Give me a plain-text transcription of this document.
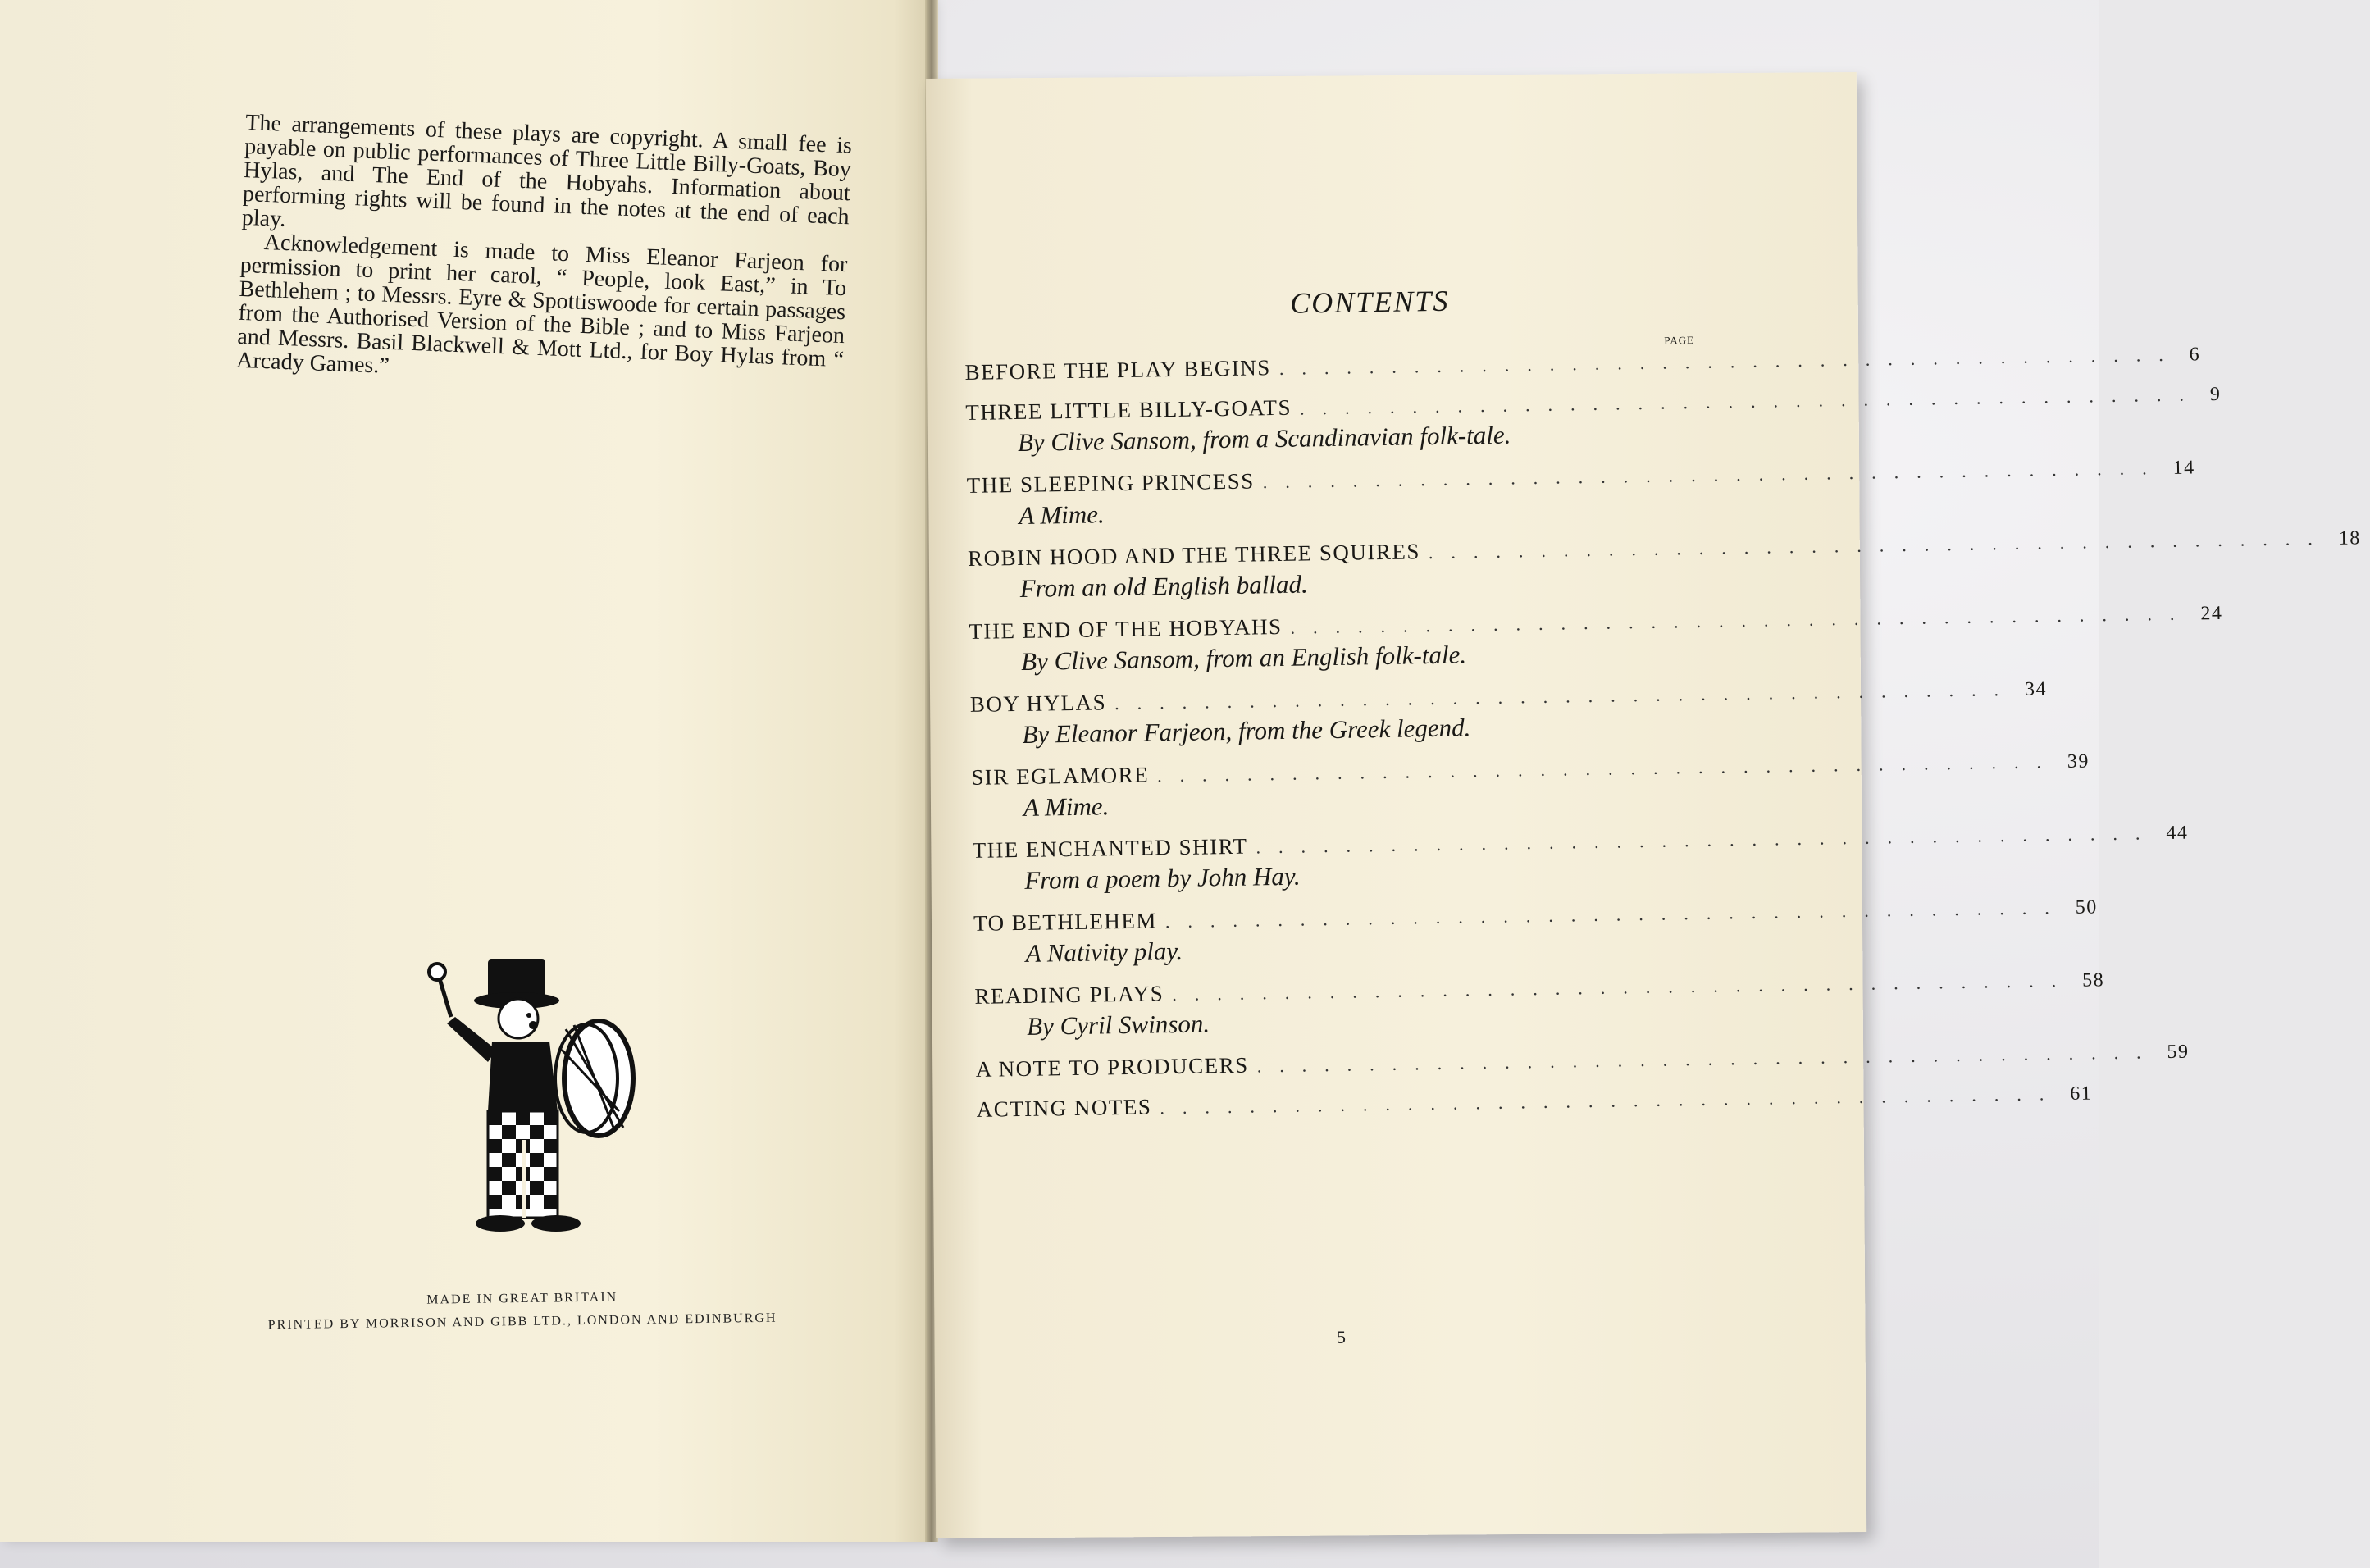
The arrangements of these plays are copyright. A small fee is payable on public performances of Three Little Billy-Goats, Boy Hylas, and The End of the Hobyahs. Information about performing rights will be found in the notes at the end of each play.

Acknowledgement is made to Miss Eleanor Farjeon for permission to print her carol, “ People, look East,” in To Bethlehem ; to Messrs. Eyre & Spottiswoode for certain passages from the Authorised Version of the Bible ; and to Miss Farjeon and Messrs. Basil Blackwell & Mott Ltd., for Boy Hylas from “ Arcady Games.”

MADE IN GREAT BRITAIN
PRINTED BY MORRISON AND GIBB LTD., LONDON AND EDINBURGH
CONTENTS
PAGE
BEFORE THE PLAY BEGINS ........................................ 6
THREE LITTLE BILLY-GOATS ........................................ 9
By Clive Sansom, from a Scandinavian folk-tale.
THE SLEEPING PRINCESS ........................................ 14
A Mime.
ROBIN HOOD AND THE THREE SQUIRES ........................................ 18
From an old English ballad.
THE END OF THE HOBYAHS ........................................ 24
By Clive Sansom, from an English folk-tale.
BOY HYLAS ........................................ 34
By Eleanor Farjeon, from the Greek legend.
SIR EGLAMORE ........................................ 39
A Mime.
THE ENCHANTED SHIRT ........................................ 44
From a poem by John Hay.
TO BETHLEHEM ........................................ 50
A Nativity play.
READING PLAYS ........................................ 58
By Cyril Swinson.
A NOTE TO PRODUCERS ........................................ 59
ACTING NOTES ........................................ 61
5
